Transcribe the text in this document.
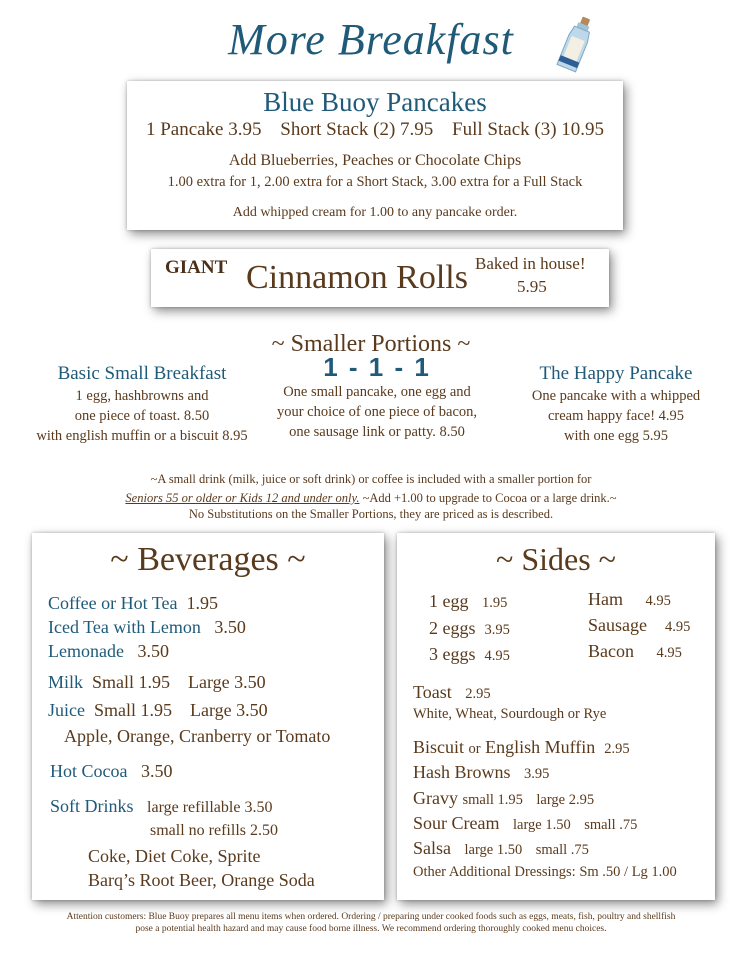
More Breakfast
Blue Buoy Pancakes
1 Pancake 3.95 Short Stack (2) 7.95 Full Stack (3) 10.95
Add Blueberries, Peaches or Chocolate Chips
1.00 extra for 1, 2.00 extra for a Short Stack, 3.00 extra for a Full Stack
Add whipped cream for 1.00 to any pancake order.
GIANT Cinnamon Rolls Baked in house!
5.95
~ Smaller Portions ~
Basic Small Breakfast
1 egg, hashbrowns and
one piece of toast. 8.50
with english muffin or a biscuit 8.95
1 - 1 - 1
One small pancake, one egg and
your choice of one piece of bacon,
one sausage link or patty. 8.50
The Happy Pancake
One pancake with a whipped
cream happy face! 4.95
with one egg 5.95
~A small drink (milk, juice or soft drink) or coffee is included with a smaller portion for
Seniors 55 or older or Kids 12 and under only. ~Add +1.00 to upgrade to Cocoa or a large drink.~
No Substitutions on the Smaller Portions, they are priced as is described.
~ Beverages ~
Coffee or Hot Tea 1.95
Iced Tea with Lemon 3.50
Lemonade 3.50
Milk Small 1.95 Large 3.50
Juice Small 1.95 Large 3.50
Apple, Orange, Cranberry or Tomato
Hot Cocoa 3.50
Soft Drinks large refillable 3.50
small no refills 2.50
Coke, Diet Coke, Sprite
Barq’s Root Beer, Orange Soda
~ Sides ~
1 egg 1.95
2 eggs 3.95
3 eggs 4.95
Ham 4.95
Sausage 4.95
Bacon 4.95
Toast 2.95
White, Wheat, Sourdough or Rye
Biscuit or English Muffin 2.95
Hash Browns 3.95
Gravy small 1.95 large 2.95
Sour Cream large 1.50 small .75
Salsa large 1.50 small .75
Other Additional Dressings: Sm .50 / Lg 1.00
Attention customers: Blue Buoy prepares all menu items when ordered. Ordering / preparing under cooked foods such as eggs, meats, fish, poultry and shellfish
pose a potential health hazard and may cause food borne illness. We recommend ordering thoroughly cooked menu choices.
